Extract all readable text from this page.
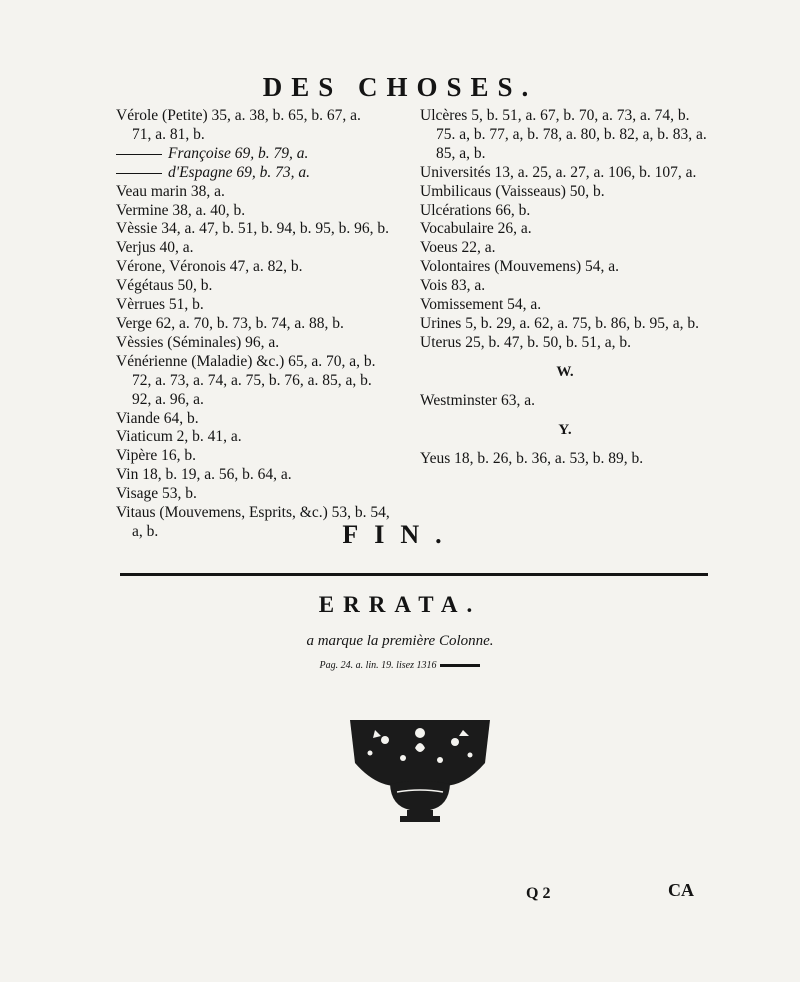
DES CHOSES.
Vérole (Petite) 35, a. 38, b. 65, b. 67, a.
71, a. 81, b.
Françoise 69, b. 79, a.
d'Espagne 69, b. 73, a.
Veau marin 38, a.
Vermine 38, a. 40, b.
Vèssie 34, a. 47, b. 51, b. 94, b. 95, b. 96, b.
Verjus 40, a.
Vérone, Véronois 47, a. 82, b.
Végétaus 50, b.
Vèrrues 51, b.
Verge 62, a. 70, b. 73, b. 74, a. 88, b.
Vèssies (Séminales) 96, a.
Vénérienne (Maladie) &c.) 65, a. 70, a, b.
72, a. 73, a. 74, a. 75, b. 76, a. 85, a, b.
92, a. 96, a.
Viande 64, b.
Viaticum 2, b. 41, a.
Vipère 16, b.
Vin 18, b. 19, a. 56, b. 64, a.
Visage 53, b.
Vitaus (Mouvemens, Esprits, &c.) 53, b. 54,
a, b.
Ulcères 5, b. 51, a. 67, b. 70, a. 73, a. 74, b.
75. a, b. 77, a, b. 78, a. 80, b. 82, a, b. 83, a.
85, a, b.
Universités 13, a. 25, a. 27, a. 106, b. 107, a.
Umbilicaus (Vaisseaus) 50, b.
Ulcérations 66, b.
Vocabulaire 26, a.
Voeus 22, a.
Volontaires (Mouvemens) 54, a.
Vois 83, a.
Vomissement 54, a.
Urines 5, b. 29, a. 62, a. 75, b. 86, b. 95, a, b.
Uterus 25, b. 47, b. 50, b. 51, a, b.
W.
Westminster 63, a.
Y.
Yeus 18, b. 26, b. 36, a. 53, b. 89, b.
FIN.
ERRATA.
a marque la première Colonne.
Pag. 24. a. lin. 19. lisez 1316
Q 2	CA
